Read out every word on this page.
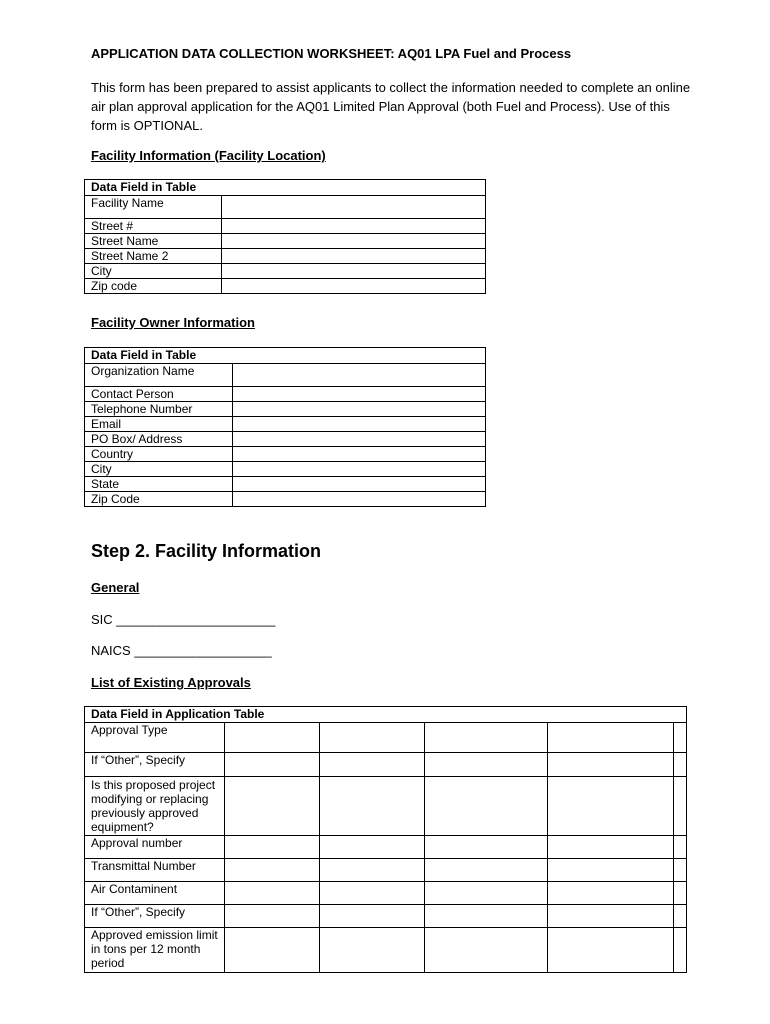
APPLICATION DATA COLLECTION WORKSHEET: AQ01 LPA Fuel and Process
This form has been prepared to assist applicants to collect the information needed to complete an online air plan approval application for the AQ01 Limited Plan Approval (both Fuel and Process). Use of this form is OPTIONAL.
Facility Information (Facility Location)
Data Field in Table	
Facility Name	
Street #	
Street Name	
Street Name 2	
City	
Zip code	
Facility Owner Information
Data Field in Table	
Organization Name	
Contact Person	
Telephone Number	
Email	
PO Box/ Address	
Country	
City	
State	
Zip Code	
Step 2. Facility Information
General
SIC ______________________
NAICS ___________________
List of Existing Approvals
Data Field in Application Table					
Approval Type					
If “Other”, Specify					
Is this proposed project modifying or replacing previously approved equipment?					
Approval number					
Transmittal Number					
Air Contaminent					
If “Other”, Specify					
Approved emission limit in tons per 12 month period					
